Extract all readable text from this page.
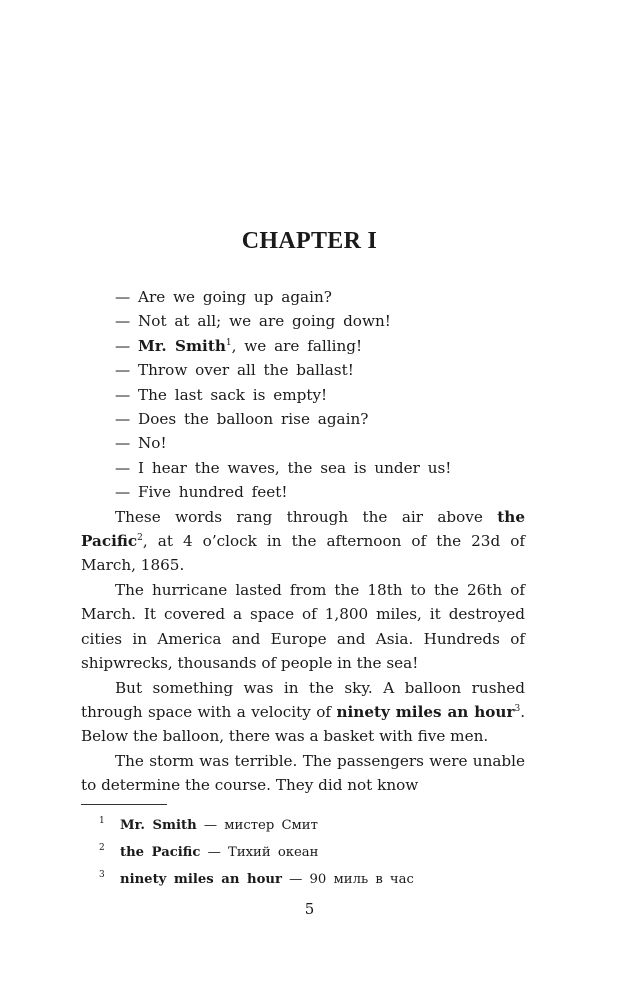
CHAPTER I

— Are we going up again?

— Not at all; we are going down!

— Mr. Smith$^1$, we are falling!

— Throw over all the ballast!

— The last sack is empty!

— Does the balloon rise again?

— No!

— I hear the waves, the sea is under us!

— Five hundred feet!

These words rang through the air above the Pacific$^2$, at 4 o’clock in the afternoon of the 23d of March, 1865.

The hurricane lasted from the 18th to the 26th of March. It covered a space of 1,800 miles, it destroyed cities in America and Europe and Asia. Hundreds of shipwrecks, thousands of people in the sea!

But something was in the sky. A balloon rushed through space with a velocity of ninety miles an hour$^3$. Below the balloon, there was a basket with five men.

The storm was terrible. The passengers were unable to determine the course. They did not know

1 Mr. Smith — мистер Смит
2 the Pacific — Тихий океан
3 ninety miles an hour — 90 миль в час
5
